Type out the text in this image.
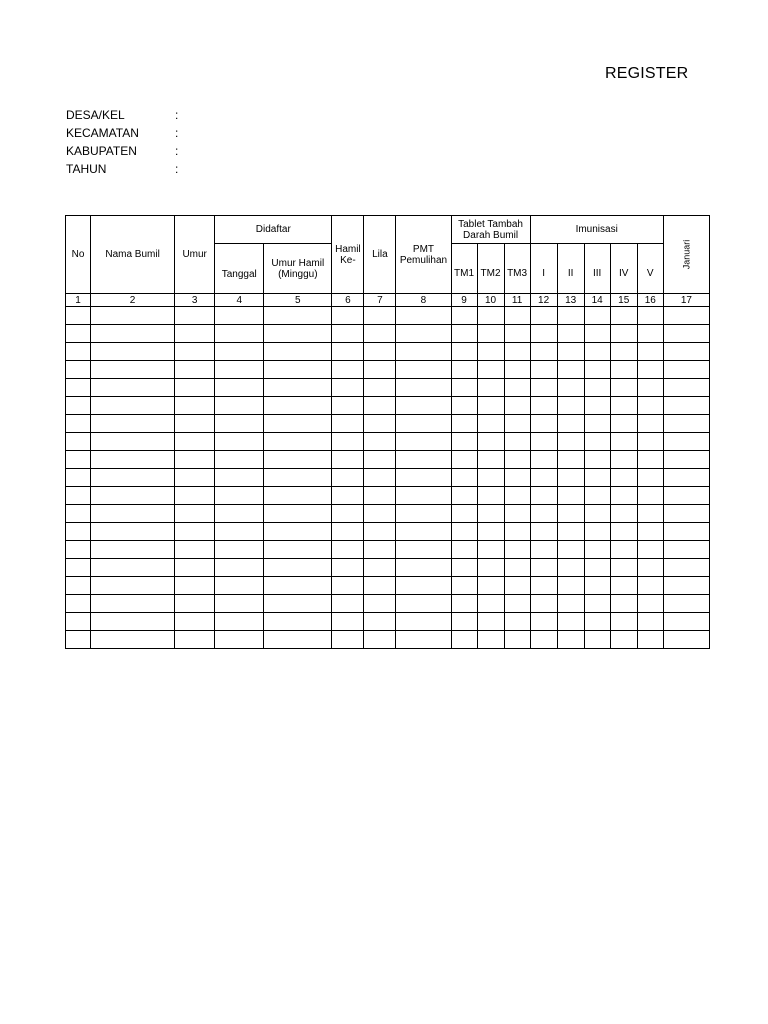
REGISTER
DESA/KEL	:
KECAMATAN	:
KABUPATEN	:
TAHUN	:
No	Nama Bumil	Umur	Didaftar		Hamil Ke-	Lila	PMT Pemulihan	Tablet Tambah Darah Bumil			Imunisasi					Januari
			Tanggal	Umur Hamil (Minggu)				TM1	TM2	TM3	I	II	III	IV	V	
1	2	3	4	5	6	7	8	9	10	11	12	13	14	15	16	17
